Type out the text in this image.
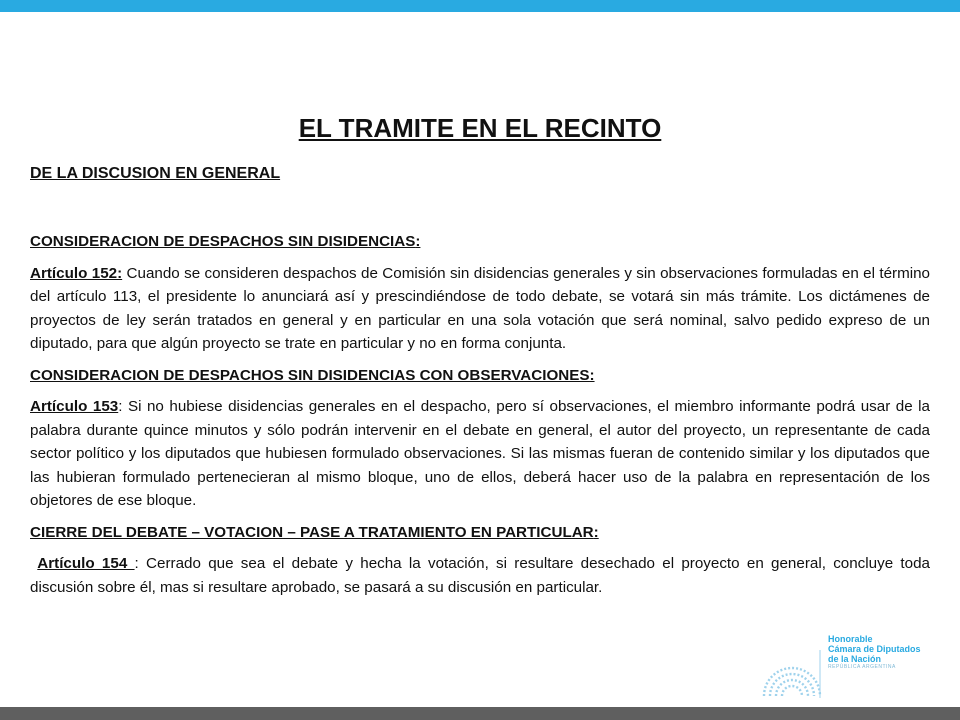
EL TRAMITE EN EL RECINTO
DE LA DISCUSION EN GENERAL

CONSIDERACION DE DESPACHOS SIN DISIDENCIAS:

Artículo 152: Cuando se consideren despachos de Comisión sin disidencias generales y sin observaciones formuladas en el término del artículo 113, el presidente lo anunciará así y prescindiéndose de todo debate, se votará sin más trámite. Los dictámenes de proyectos de ley serán tratados en general y en particular en una sola votación que será nominal, salvo pedido expreso de un diputado, para que algún proyecto se trate en particular y no en forma conjunta.

CONSIDERACION DE DESPACHOS SIN DISIDENCIAS CON OBSERVACIONES:

Artículo 153: Si no hubiese disidencias generales en el despacho, pero sí observaciones, el miembro informante podrá usar de la palabra durante quince minutos y sólo podrán intervenir en el debate en general, el autor del proyecto, un representante de cada sector político y los diputados que hubiesen formulado observaciones. Si las mismas fueran de contenido similar y los diputados que las hubieran formulado pertenecieran al mismo bloque, uno de ellos, deberá hacer uso de la palabra en representación de los objetores de ese bloque.

CIERRE DEL DEBATE – VOTACION – PASE A TRATAMIENTO EN PARTICULAR:

Artículo 154 : Cerrado que sea el debate y hecha la votación, si resultare desechado el proyecto en general, concluye toda discusión sobre él, mas si resultare aprobado, se pasará a su discusión en particular.

Honorable
Cámara de Diputados
de la Nación
REPÚBLICA ARGENTINA
